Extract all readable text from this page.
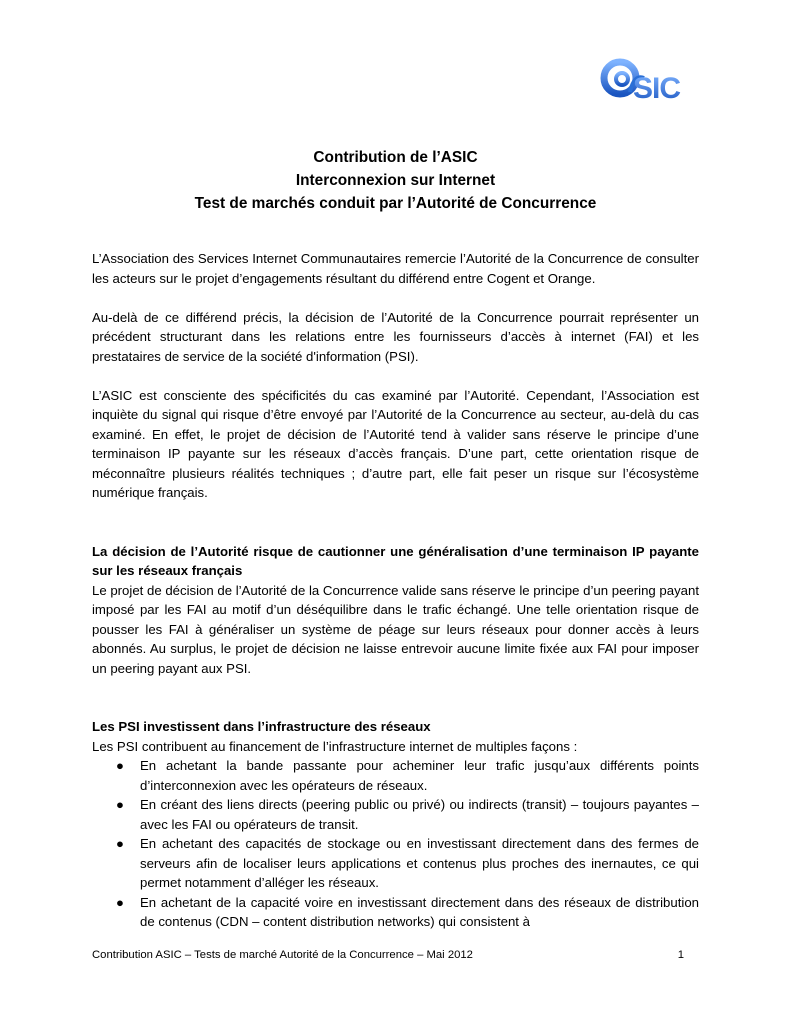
SIC
Contribution de l’ASIC
Interconnexion sur Internet
Test de marchés conduit par l’Autorité de Concurrence

L’Association des Services Internet Communautaires remercie l’Autorité de la Concurrence de consulter les acteurs sur le projet d’engagements résultant du différend entre Cogent et Orange.

Au-delà de ce différend précis, la décision de l’Autorité de la Concurrence pourrait représenter un précédent structurant dans les relations entre les fournisseurs d’accès à internet (FAI) et les prestataires de service de la société d'information (PSI).

L’ASIC est consciente des spécificités du cas examiné par l’Autorité. Cependant, l’Association est inquiète du signal qui risque d’être envoyé par l’Autorité de la Concurrence au secteur, au-delà du cas examiné. En effet, le projet de décision de l’Autorité tend à valider sans réserve le principe d’une terminaison IP payante sur les réseaux d’accès français. D’une part, cette orientation risque de méconnaître plusieurs réalités techniques ; d’autre part, elle fait peser un risque sur l’écosystème numérique français.

La décision de l’Autorité risque de cautionner une généralisation d’une terminaison IP payante sur les réseaux français

Le projet de décision de l’Autorité de la Concurrence valide sans réserve le principe d’un peering payant imposé par les FAI au motif d’un déséquilibre dans le trafic échangé. Une telle orientation risque de pousser les FAI à généraliser un système de péage sur leurs réseaux pour donner accès à leurs abonnés. Au surplus, le projet de décision ne laisse entrevoir aucune limite fixée aux FAI pour imposer un peering payant aux PSI.

Les PSI investissent dans l’infrastructure des réseaux

Les PSI contribuent au financement de l’infrastructure internet de multiples façons :

●	En achetant la bande passante pour acheminer leur trafic jusqu’aux différents points d’interconnexion avec les opérateurs de réseaux.
●	En créant des liens directs (peering public ou privé) ou indirects (transit) – toujours payantes – avec les FAI ou opérateurs de transit.
●	En achetant des capacités de stockage ou en investissant directement dans des fermes de serveurs afin de localiser leurs applications et contenus plus proches des inernautes, ce qui permet notamment d’alléger les réseaux.
●	En achetant de la capacité voire en investissant directement dans des réseaux de distribution de contenus (CDN – content distribution networks) qui consistent à
Contribution ASIC – Tests de marché Autorité de la Concurrence – Mai 2012	1
